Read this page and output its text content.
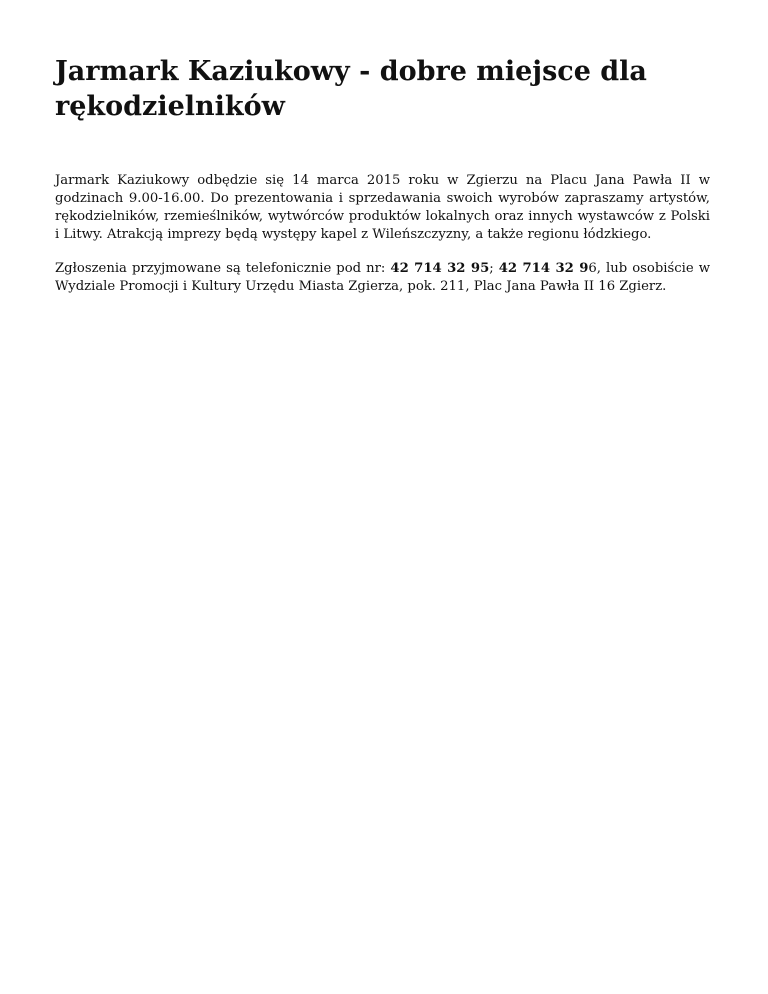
Jarmark Kaziukowy - dobre miejsce dla rękodzielników

Jarmark Kaziukowy odbędzie się 14 marca 2015 roku w Zgierzu na Placu Jana Pawła II w godzinach 9.00-16.00. Do prezentowania i sprzedawania swoich wyrobów zapraszamy artystów, rękodzielników, rzemieślników, wytwórców produktów lokalnych oraz innych wystawców z Polski i Litwy. Atrakcją imprezy będą występy kapel z Wileńszczyzny, a także regionu łódzkiego.

Zgłoszenia przyjmowane są telefonicznie pod nr: 42 714 32 95; 42 714 32 96, lub osobiście w Wydziale Promocji i Kultury Urzędu Miasta Zgierza, pok. 211, Plac Jana Pawła II 16 Zgierz.
